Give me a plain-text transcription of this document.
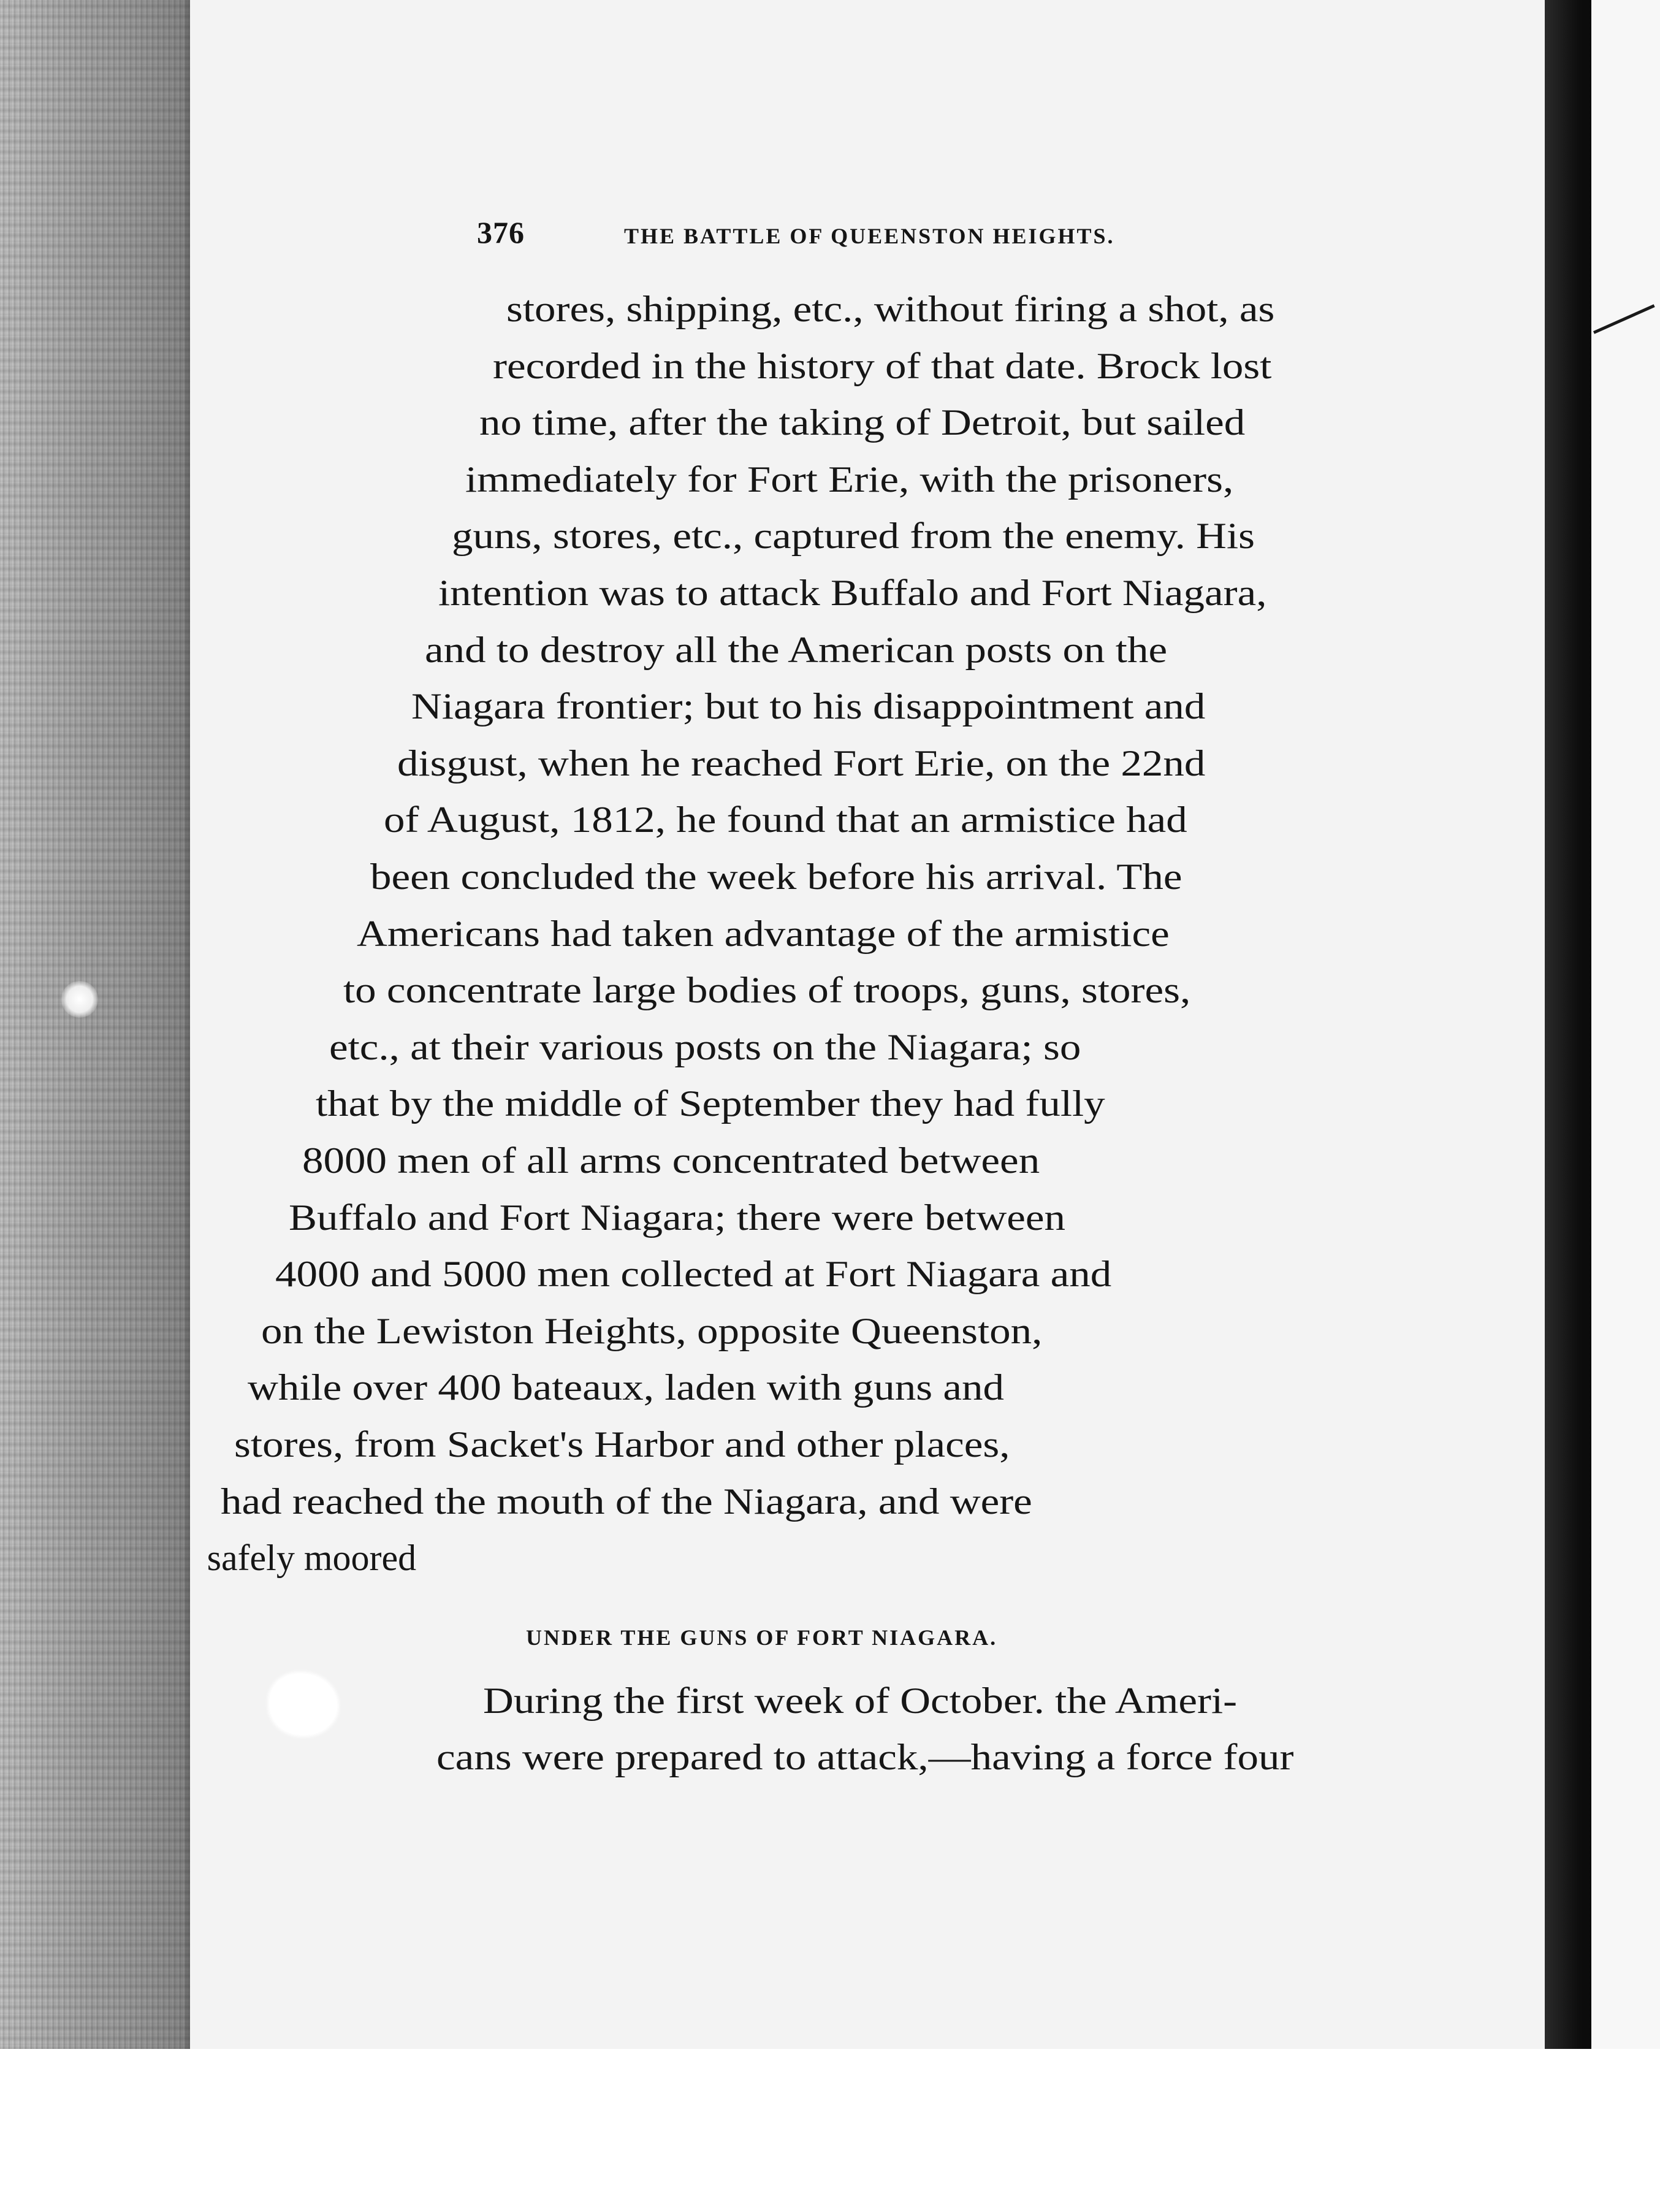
376	THE BATTLE OF QUEENSTON HEIGHTS.
stores, shipping, etc., without firing a shot, as
recorded in the history of that date. Brock lost
no time, after the taking of Detroit, but sailed
immediately for Fort Erie, with the prisoners,
guns, stores, etc., captured from the enemy. His
intention was to attack Buffalo and Fort Niagara,
and to destroy all the American posts on the
Niagara frontier; but to his disappointment and
disgust, when he reached Fort Erie, on the 22nd
of August, 1812, he found that an armistice had
been concluded the week before his arrival. The
Americans had taken advantage of the armistice
to concentrate large bodies of troops, guns, stores,
etc., at their various posts on the Niagara; so
that by the middle of September they had fully
8000 men of all arms concentrated between
Buffalo and Fort Niagara; there were between
4000 and 5000 men collected at Fort Niagara and
on the Lewiston Heights, opposite Queenston,
while over 400 bateaux, laden with guns and
stores, from Sacket's Harbor and other places,
had reached the mouth of the Niagara, and were
safely moored
UNDER THE GUNS OF FORT NIAGARA.
During the first week of October. the Ameri-
cans were prepared to attack,—having a force four
